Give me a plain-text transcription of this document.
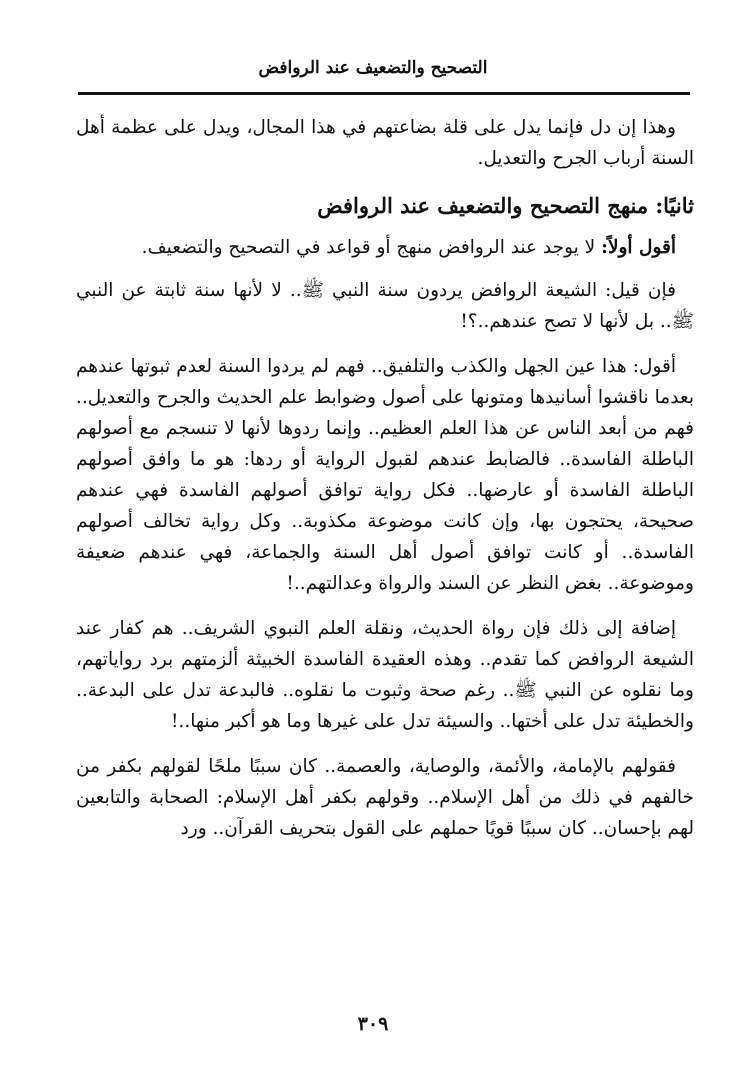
التصحيح والتضعيف عند الروافض

وهذا إن دل فإنما يدل على قلة بضاعتهم في هذا المجال، ويدل على عظمة أهل السنة أرباب الجرح والتعديل.

ثانيًا: منهج التصحيح والتضعيف عند الروافض

أقول أولاً: لا يوجد عند الروافض منهج أو قواعد في التصحيح والتضعيف.

فإن قيل: الشيعة الروافض يردون سنة النبي ﷺ.. لا لأنها سنة ثابتة عن النبي ﷺ.. بل لأنها لا تصح عندهم..؟!

أقول: هذا عين الجهل والكذب والتلفيق.. فهم لم يردوا السنة لعدم ثبوتها عندهم بعدما ناقشوا أسانيدها ومتونها على أصول وضوابط علم الحديث والجرح والتعديل.. فهم من أبعد الناس عن هذا العلم العظيم.. وإنما ردوها لأنها لا تنسجم مع أصولهم الباطلة الفاسدة.. فالضابط عندهم لقبول الرواية أو ردها: هو ما وافق أصولهم الباطلة الفاسدة أو عارضها.. فكل رواية توافق أصولهم الفاسدة فهي عندهم صحيحة، يحتجون بها، وإن كانت موضوعة مكذوبة.. وكل رواية تخالف أصولهم الفاسدة.. أو كانت توافق أصول أهل السنة والجماعة، فهي عندهم ضعيفة وموضوعة.. بغض النظر عن السند والرواة وعدالتهم..!

إضافة إلى ذلك فإن رواة الحديث، ونقلة العلم النبوي الشريف.. هم كفار عند الشيعة الروافض كما تقدم.. وهذه العقيدة الفاسدة الخبيثة ألزمتهم برد رواياتهم، وما نقلوه عن النبي ﷺ.. رغم صحة وثبوت ما نقلوه.. فالبدعة تدل على البدعة.. والخطيئة تدل على أختها.. والسيئة تدل على غيرها وما هو أكبر منها..!

فقولهم بالإمامة، والأئمة، والوصاية، والعصمة.. كان سببًا ملحًا لقولهم بكفر من خالفهم في ذلك من أهل الإسلام.. وقولهم بكفر أهل الإسلام: الصحابة والتابعين لهم بإحسان.. كان سببًا قويًا حملهم على القول بتحريف القرآن.. ورد

٣٠٩
